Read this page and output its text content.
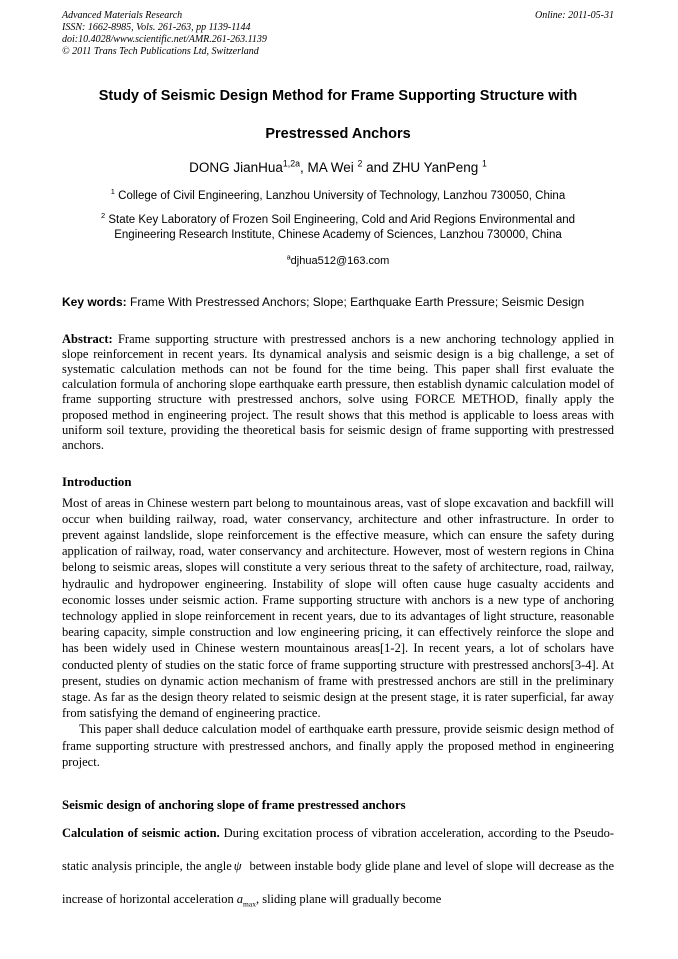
Advanced Materials Research
ISSN: 1662-8985, Vols. 261-263, pp 1139-1144
doi:10.4028/www.scientific.net/AMR.261-263.1139
© 2011 Trans Tech Publications Ltd, Switzerland
Online: 2011-05-31
Study of Seismic Design Method for Frame Supporting Structure with
Prestressed Anchors
DONG JianHua$^{1,2a}$, MA Wei $^2$ and ZHU YanPeng $^1$
$^1$ College of Civil Engineering, Lanzhou University of Technology, Lanzhou 730050, China
$^2$ State Key Laboratory of Frozen Soil Engineering, Cold and Arid Regions Environmental and Engineering Research Institute, Chinese Academy of Sciences, Lanzhou 730000, China
$^a$djhua512@163.com

Key words: Frame With Prestressed Anchors; Slope; Earthquake Earth Pressure; Seismic Design

Abstract: Frame supporting structure with prestressed anchors is a new anchoring technology applied in slope reinforcement in recent years. Its dynamical analysis and seismic design is a big challenge, a set of systematic calculation methods can not be found for the time being. This paper shall first evaluate the calculation formula of anchoring slope earthquake earth pressure, then establish dynamic calculation model of frame supporting structure with prestressed anchors, solve using FORCE METHOD, finally apply the proposed method in engineering project. The result shows that this method is applicable to loess areas with uniform soil texture, providing the theoretical basis for seismic design of frame supporting with prestressed anchors.

Introduction

Most of areas in Chinese western part belong to mountainous areas, vast of slope excavation and backfill will occur when building railway, road, water conservancy, architecture and other infrastructure. In order to prevent against landslide, slope reinforcement is the effective measure, which can ensure the safety during application of railway, road, water conservancy and architecture. However, most of western regions in China belong to seismic areas, slopes will constitute a very serious threat to the safety of architecture, road, railway, hydraulic and hydropower engineering. Instability of slope will often cause huge casualty accidents and economic losses under seismic action. Frame supporting structure with anchors is a new type of anchoring technology applied in slope reinforcement in recent years, due to its advantages of light structure, reasonable bearing capacity, simple construction and low engineering pricing, it can effectively reinforce the slope and has been widely used in Chinese western mountainous areas[1-2]. In recent years, a lot of scholars have conducted plenty of studies on the static force of frame supporting structure with prestressed anchors[3-4]. At present, studies on dynamic action mechanism of frame with prestressed anchors are still in the preliminary stage. As far as the design theory related to seismic design at the present stage, it is rater superficial, far away from satisfying the demand of engineering practice.

This paper shall deduce calculation model of earthquake earth pressure, provide seismic design method of frame supporting structure with prestressed anchors, and finally apply the proposed method in engineering project.

Seismic design of anchoring slope of frame prestressed anchors

Calculation of seismic action. During excitation process of vibration acceleration, according to the Pseudo-static analysis principle, the angle ψ between instable body glide plane and level of slope will decrease as the increase of horizontal acceleration $a_{max}$, sliding plane will gradually become
